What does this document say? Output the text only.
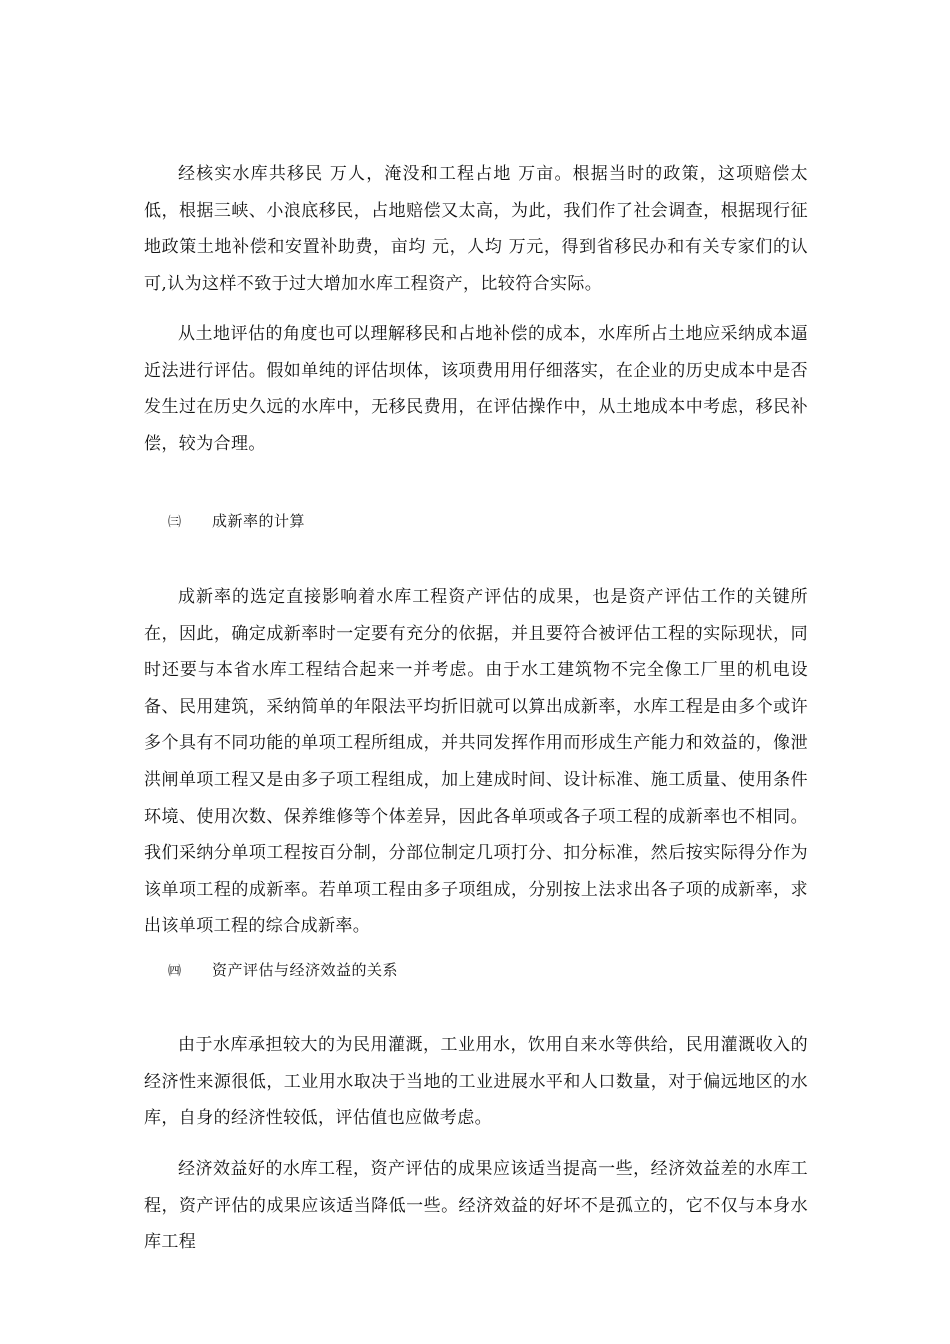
经核实水库共移民 万人，淹没和工程占地 万亩。根据当时的政策，这项赔偿太低，根据三峡、小浪底移民，占地赔偿又太高，为此，我们作了社会调查，根据现行征地政策土地补偿和安置补助费，亩均 元，人均 万元，得到省移民办和有关专家们的认可,认为这样不致于过大增加水库工程资产，比较符合实际。

从土地评估的角度也可以理解移民和占地补偿的成本，水库所占土地应采纳成本逼近法进行评估。假如单纯的评估坝体，该项费用用仔细落实，在企业的历史成本中是否发生过在历史久远的水库中，无移民费用，在评估操作中，从土地成本中考虑，移民补偿，较为合理。

㈢ 成新率的计算

成新率的选定直接影响着水库工程资产评估的成果，也是资产评估工作的关键所在，因此，确定成新率时一定要有充分的依据，并且要符合被评估工程的实际现状，同时还要与本省水库工程结合起来一并考虑。由于水工建筑物不完全像工厂里的机电设备、民用建筑，采纳简单的年限法平均折旧就可以算出成新率，水库工程是由多个或许多个具有不同功能的单项工程所组成，并共同发挥作用而形成生产能力和效益的，像泄洪闸单项工程又是由多子项工程组成，加上建成时间、设计标准、施工质量、使用条件环境、使用次数、保养维修等个体差异，因此各单项或各子项工程的成新率也不相同。我们采纳分单项工程按百分制，分部位制定几项打分、扣分标准，然后按实际得分作为该单项工程的成新率。若单项工程由多子项组成，分别按上法求出各子项的成新率，求出该单项工程的综合成新率。

㈣ 资产评估与经济效益的关系

由于水库承担较大的为民用灌溉，工业用水，饮用自来水等供给，民用灌溉收入的经济性来源很低，工业用水取决于当地的工业进展水平和人口数量，对于偏远地区的水库，自身的经济性较低，评估值也应做考虑。

经济效益好的水库工程，资产评估的成果应该适当提高一些，经济效益差的水库工程，资产评估的成果应该适当降低一些。经济效益的好坏不是孤立的，它不仅与本身水库工程
